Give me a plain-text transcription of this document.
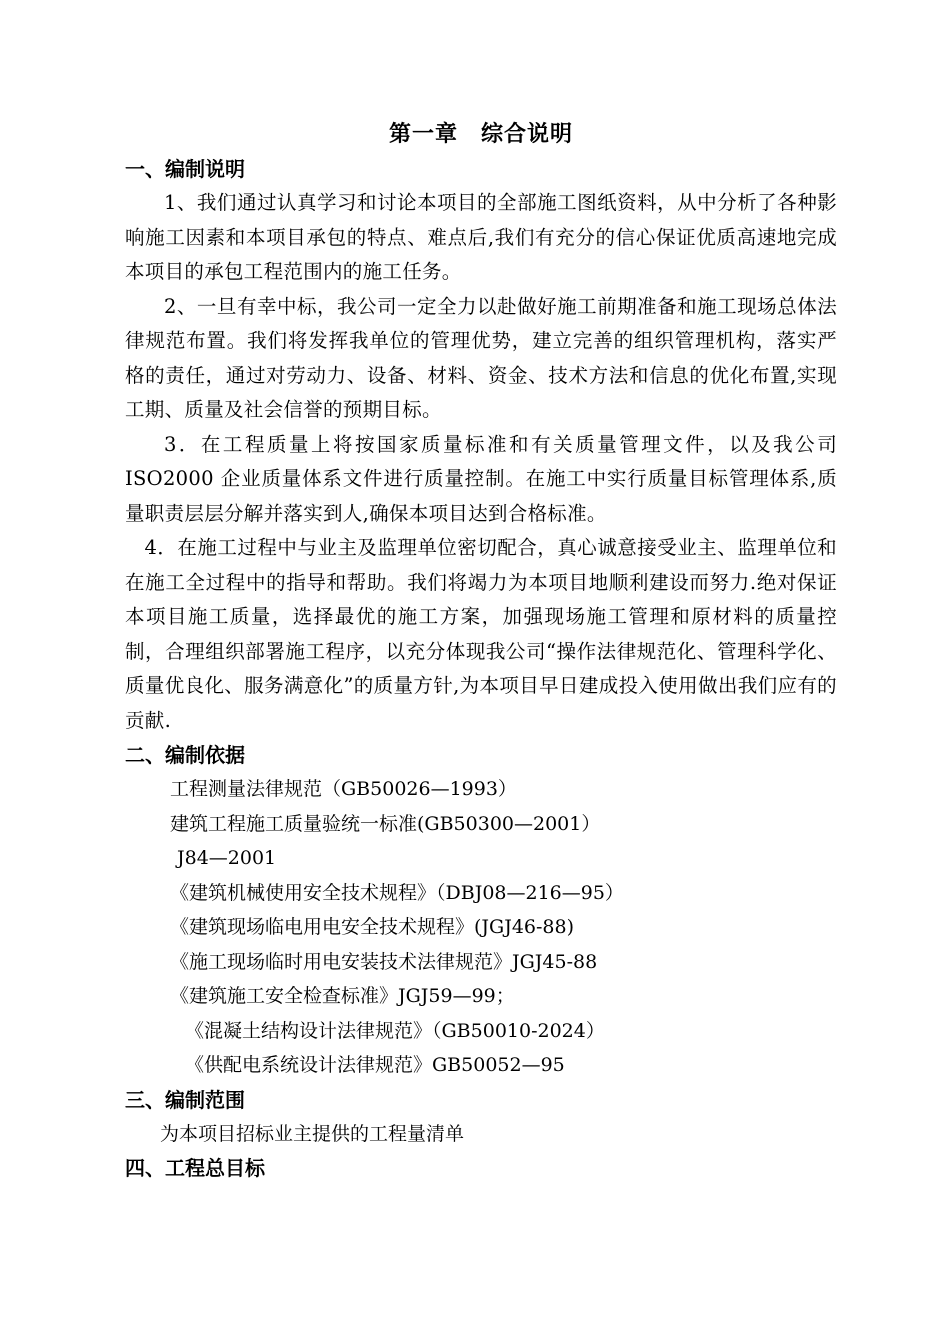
第一章　综合说明
一、编制说明

1、我们通过认真学习和讨论本项目的全部施工图纸资料，从中分析了各种影响施工因素和本项目承包的特点、难点后,我们有充分的信心保证优质高速地完成本项目的承包工程范围内的施工任务。

2、一旦有幸中标，我公司一定全力以赴做好施工前期准备和施工现场总体法律规范布置。我们将发挥我单位的管理优势，建立完善的组织管理机构，落实严格的责任，通过对劳动力、设备、材料、资金、技术方法和信息的优化布置,实现工期、质量及社会信誉的预期目标。

3．在工程质量上将按国家质量标准和有关质量管理文件，以及我公司 ISO2000 企业质量体系文件进行质量控制。在施工中实行质量目标管理体系,质量职责层层分解并落实到人,确保本项目达到合格标准。

4．在施工过程中与业主及监理单位密切配合，真心诚意接受业主、监理单位和在施工全过程中的指导和帮助。我们将竭力为本项目地顺利建设而努力.绝对保证本项目施工质量，选择最优的施工方案，加强现场施工管理和原材料的质量控制，合理组织部署施工程序，以充分体现我公司“操作法律规范化、管理科学化、质量优良化、服务满意化”的质量方针,为本项目早日建成投入使用做出我们应有的贡献.

二、编制依据

工程测量法律规范（GB50026—1993）

建筑工程施工质量验统一标准(GB50300—2001）

J84—2001

《建筑机械使用安全技术规程》（DBJ08—216—95）

《建筑现场临电用电安全技术规程》(JGJ46-88)

《施工现场临时用电安装技术法律规范》JGJ45-88

《建筑施工安全检查标准》JGJ59—99；

《混凝土结构设计法律规范》（GB50010-2024）

《供配电系统设计法律规范》GB50052—95

三、编制范围

为本项目招标业主提供的工程量清单

四、工程总目标
